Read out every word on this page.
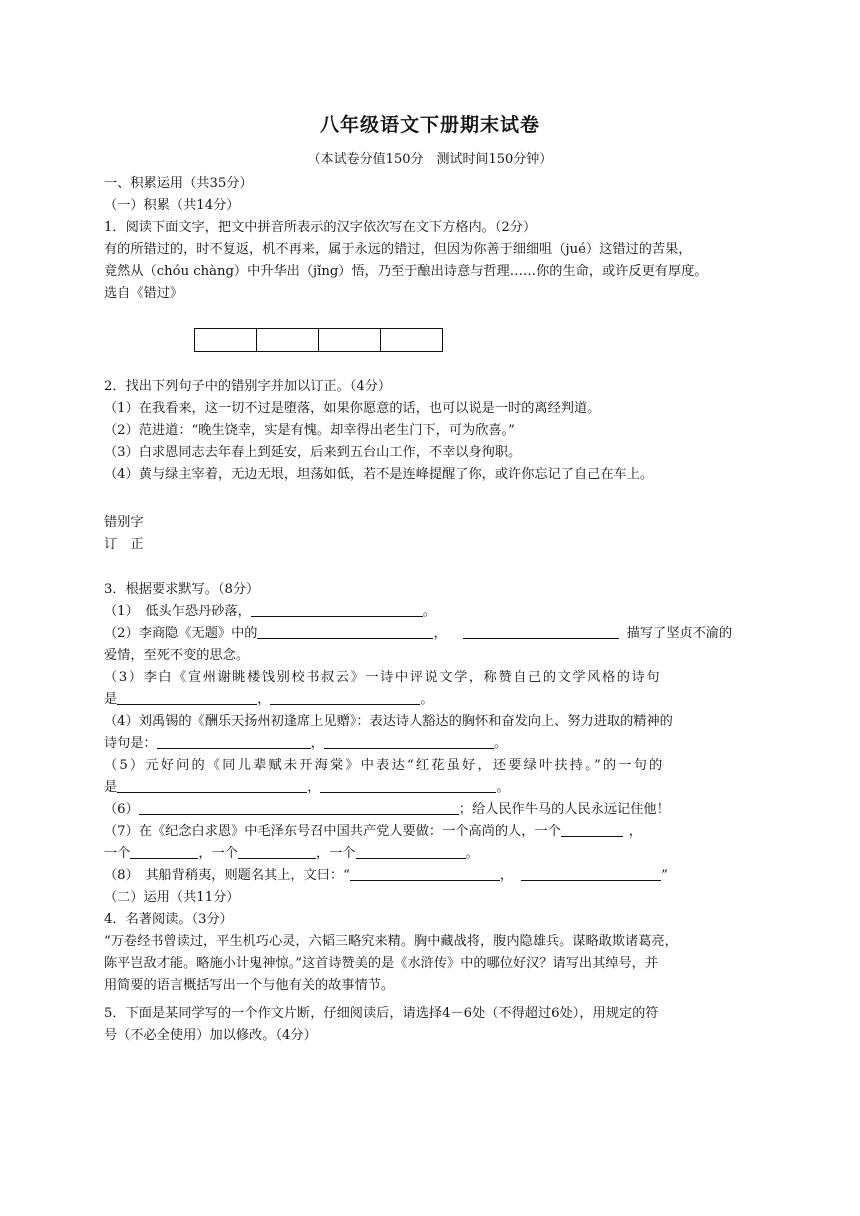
八年级语文下册期末试卷
（本试卷分值150分　测试时间150分钟）
一、积累运用（共35分）
（一）积累（共14分）
1．阅读下面文字，把文中拼音所表示的汉字依次写在文下方格内。（2分）
有的所错过的，时不复返，机不再来，属于永远的错过，但因为你善于细细咀（jué）这错过的苦果，
竟然从（chóu chàng）中升华出（jǐng）悟，乃至于酿出诗意与哲理……你的生命，或许反更有厚度。
选自《错过》
2．找出下列句子中的错别字并加以订正。（4分）
（1）在我看来，这一切不过是堕落，如果你愿意的话，也可以说是一时的离经判道。
（2）范进道：“晚生饶幸，实是有愧。却幸得出老生门下，可为欣喜。”
（3）白求恩同志去年春上到延安，后来到五台山工作，不幸以身徇职。
（4）黄与绿主宰着，无边无垠，坦荡如低，若不是连峰提醒了你，或许你忘记了自己在车上。
错别字
订　正
3．根据要求默写。（8分）
（1）　低头乍恐丹砂落，	。
（2）李商隐《无题》中的	，	描写了坚贞不渝的
爱情，至死不变的思念。
（3）李白《宣州谢眺楼饯别校书叔云》一诗中评说文学，称赞自己的文学风格的诗句
是	，	。
（4）刘禹锡的《酬乐天扬州初逢席上见赠》：表达诗人豁达的胸怀和奋发向上、努力进取的精神的
诗句是：	，	。
（5）元好问的《同儿辈赋未开海棠》中表达“红花虽好，还要绿叶扶持。”的一句的
是	，	。
（6）	；给人民作牛马的人民永远记住他！
（7）在《纪念白求恩》中毛泽东号召中国共产党人要做：一个高尚的人，一个	，
一个	，一个	，一个	。
（8）　其船背稍夷，则题名其上，文曰：“	，	”
（二）运用（共11分）
4．名著阅读。（3分）
“万卷经书曾读过，平生机巧心灵，六韬三略究来精。胸中藏战将，腹内隐雄兵。谋略敢欺诸葛亮，
陈平岂敌才能。略施小计鬼神惊。”这首诗赞美的是《水浒传》中的哪位好汉？请写出其绰号，并
用简要的语言概括写出一个与他有关的故事情节。
5．下面是某同学写的一个作文片断，仔细阅读后，请选择4－6处（不得超过6处），用规定的符
号（不必全使用）加以修改。（4分）
